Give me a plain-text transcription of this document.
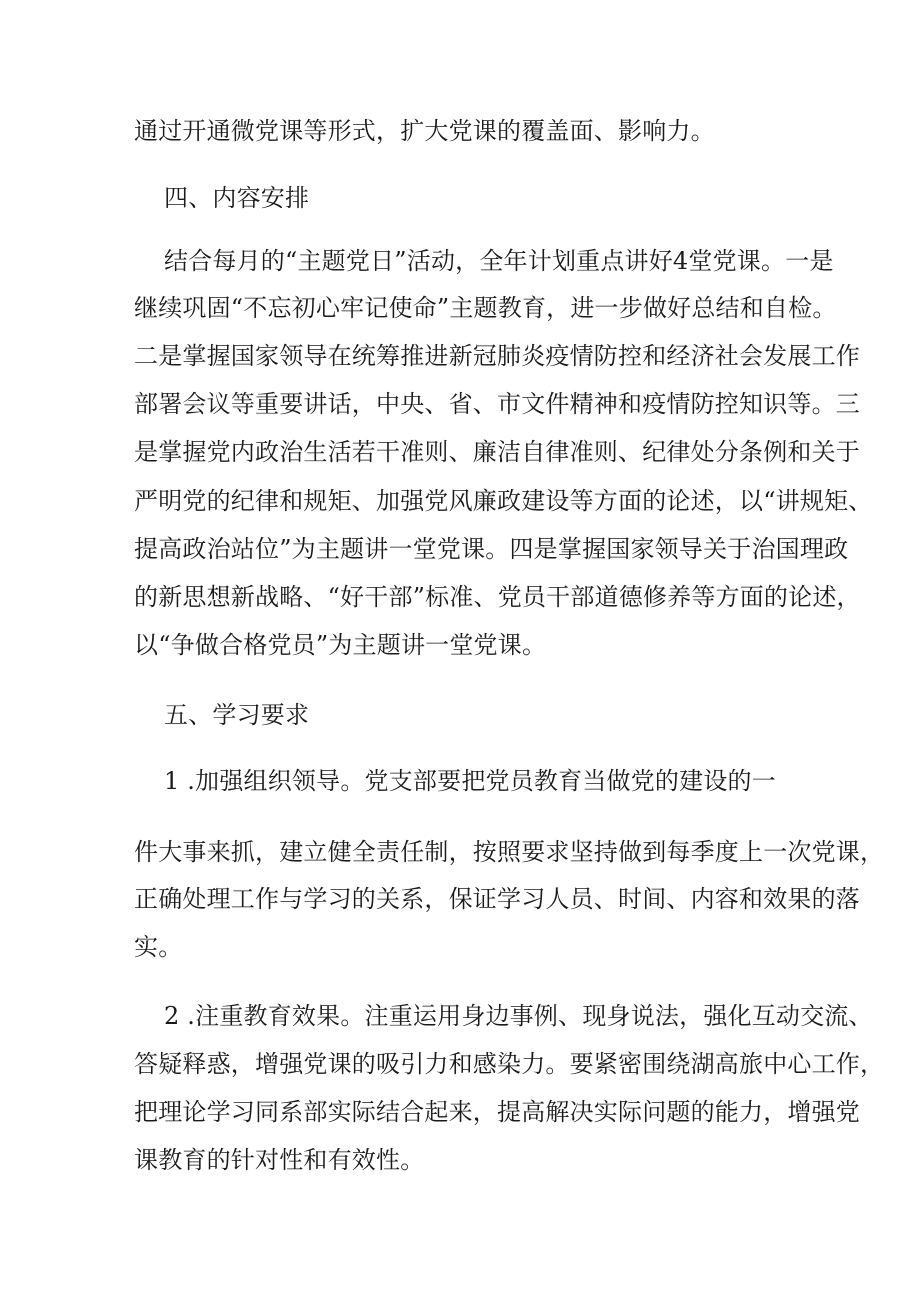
通过开通微党课等形式，扩大党课的覆盖面、影响力。
四、内容安排
结合每月的“主题党日”活动，全年计划重点讲好4堂党课。一是
继续巩固“不忘初心牢记使命”主题教育，进一步做好总结和自检。
二是掌握国家领导在统筹推进新冠肺炎疫情防控和经济社会发展工作
部署会议等重要讲话，中央、省、市文件精神和疫情防控知识等。三
是掌握党内政治生活若干准则、廉洁自律准则、纪律处分条例和关于
严明党的纪律和规矩、加强党风廉政建设等方面的论述，以“讲规矩、
提高政治站位”为主题讲一堂党课。四是掌握国家领导关于治国理政
的新思想新战略、“好干部”标准、党员干部道德修养等方面的论述，
以“争做合格党员”为主题讲一堂党课。
五、学习要求
1 .加强组织领导。党支部要把党员教育当做党的建设的一
件大事来抓，建立健全责任制，按照要求坚持做到每季度上一次党课，
正确处理工作与学习的关系，保证学习人员、时间、内容和效果的落
实。
2 .注重教育效果。注重运用身边事例、现身说法，强化互动交流、
答疑释惑，增强党课的吸引力和感染力。要紧密围绕湖高旅中心工作，
把理论学习同系部实际结合起来，提高解决实际问题的能力，增强党
课教育的针对性和有效性。
